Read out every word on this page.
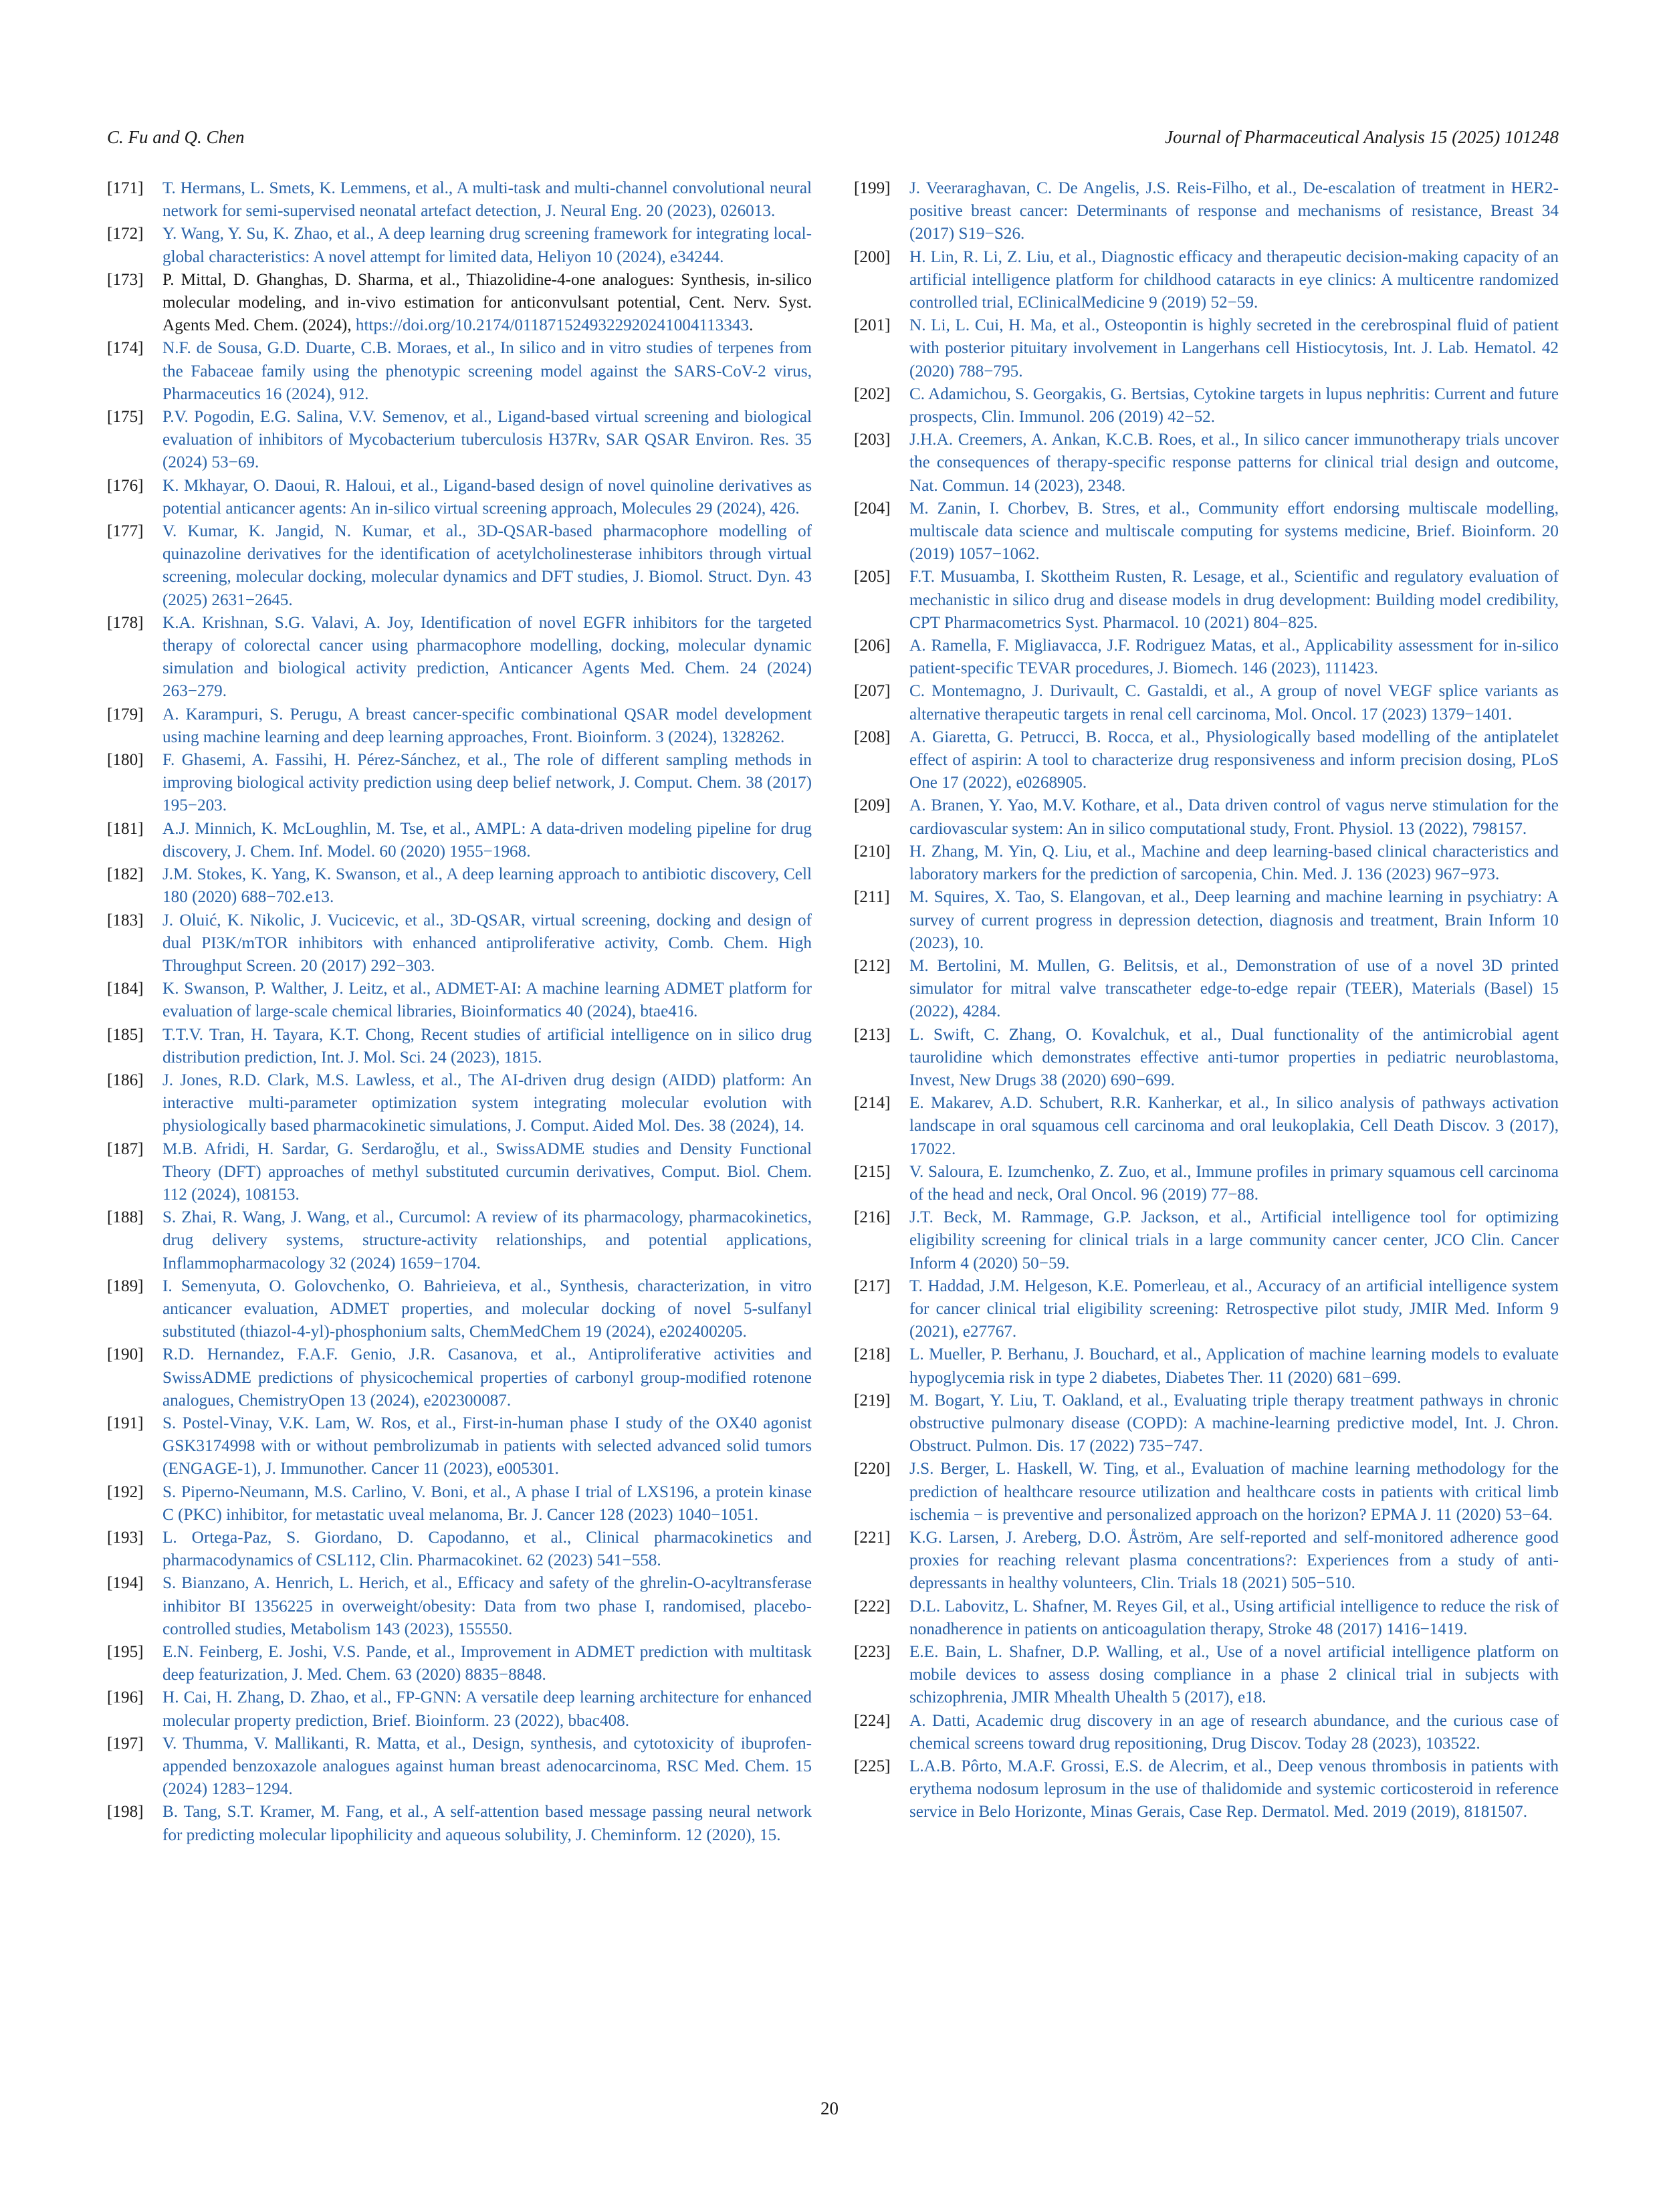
C. Fu and Q. Chen	Journal of Pharmaceutical Analysis 15 (2025) 101248
[171] T. Hermans, L. Smets, K. Lemmens, et al., A multi-task and multi-channel convolutional neural network for semi-supervised neonatal artefact detection, J. Neural Eng. 20 (2023), 026013.
[172] Y. Wang, Y. Su, K. Zhao, et al., A deep learning drug screening framework for integrating local-global characteristics: A novel attempt for limited data, Heliyon 10 (2024), e34244.
[173] P. Mittal, D. Ghanghas, D. Sharma, et al., Thiazolidine-4-one analogues: Synthesis, in-silico molecular modeling, and in-vivo estimation for anticonvulsant potential, Cent. Nerv. Syst. Agents Med. Chem. (2024), https://doi.org/10.2174/0118715249322920241004113343.
[174] N.F. de Sousa, G.D. Duarte, C.B. Moraes, et al., In silico and in vitro studies of terpenes from the Fabaceae family using the phenotypic screening model against the SARS-CoV-2 virus, Pharmaceutics 16 (2024), 912.
[175] P.V. Pogodin, E.G. Salina, V.V. Semenov, et al., Ligand-based virtual screening and biological evaluation of inhibitors of Mycobacterium tuberculosis H37Rv, SAR QSAR Environ. Res. 35 (2024) 53−69.
[176] K. Mkhayar, O. Daoui, R. Haloui, et al., Ligand-based design of novel quinoline derivatives as potential anticancer agents: An in-silico virtual screening approach, Molecules 29 (2024), 426.
[177] V. Kumar, K. Jangid, N. Kumar, et al., 3D-QSAR-based pharmacophore modelling of quinazoline derivatives for the identification of acetylcholinesterase inhibitors through virtual screening, molecular docking, molecular dynamics and DFT studies, J. Biomol. Struct. Dyn. 43 (2025) 2631−2645.
[178] K.A. Krishnan, S.G. Valavi, A. Joy, Identification of novel EGFR inhibitors for the targeted therapy of colorectal cancer using pharmacophore modelling, docking, molecular dynamic simulation and biological activity prediction, Anticancer Agents Med. Chem. 24 (2024) 263−279.
[179] A. Karampuri, S. Perugu, A breast cancer-specific combinational QSAR model development using machine learning and deep learning approaches, Front. Bioinform. 3 (2024), 1328262.
[180] F. Ghasemi, A. Fassihi, H. Pérez-Sánchez, et al., The role of different sampling methods in improving biological activity prediction using deep belief network, J. Comput. Chem. 38 (2017) 195−203.
[181] A.J. Minnich, K. McLoughlin, M. Tse, et al., AMPL: A data-driven modeling pipeline for drug discovery, J. Chem. Inf. Model. 60 (2020) 1955−1968.
[182] J.M. Stokes, K. Yang, K. Swanson, et al., A deep learning approach to antibiotic discovery, Cell 180 (2020) 688−702.e13.
[183] J. Oluić, K. Nikolic, J. Vucicevic, et al., 3D-QSAR, virtual screening, docking and design of dual PI3K/mTOR inhibitors with enhanced antiproliferative activity, Comb. Chem. High Throughput Screen. 20 (2017) 292−303.
[184] K. Swanson, P. Walther, J. Leitz, et al., ADMET-AI: A machine learning ADMET platform for evaluation of large-scale chemical libraries, Bioinformatics 40 (2024), btae416.
[185] T.T.V. Tran, H. Tayara, K.T. Chong, Recent studies of artificial intelligence on in silico drug distribution prediction, Int. J. Mol. Sci. 24 (2023), 1815.
[186] J. Jones, R.D. Clark, M.S. Lawless, et al., The AI-driven drug design (AIDD) platform: An interactive multi-parameter optimization system integrating molecular evolution with physiologically based pharmacokinetic simulations, J. Comput. Aided Mol. Des. 38 (2024), 14.
[187] M.B. Afridi, H. Sardar, G. Serdaroğlu, et al., SwissADME studies and Density Functional Theory (DFT) approaches of methyl substituted curcumin derivatives, Comput. Biol. Chem. 112 (2024), 108153.
[188] S. Zhai, R. Wang, J. Wang, et al., Curcumol: A review of its pharmacology, pharmacokinetics, drug delivery systems, structure-activity relationships, and potential applications, Inflammopharmacology 32 (2024) 1659−1704.
[189] I. Semenyuta, O. Golovchenko, O. Bahrieieva, et al., Synthesis, characterization, in vitro anticancer evaluation, ADMET properties, and molecular docking of novel 5-sulfanyl substituted (thiazol-4-yl)-phosphonium salts, ChemMedChem 19 (2024), e202400205.
[190] R.D. Hernandez, F.A.F. Genio, J.R. Casanova, et al., Antiproliferative activities and SwissADME predictions of physicochemical properties of carbonyl group-modified rotenone analogues, ChemistryOpen 13 (2024), e202300087.
[191] S. Postel-Vinay, V.K. Lam, W. Ros, et al., First-in-human phase I study of the OX40 agonist GSK3174998 with or without pembrolizumab in patients with selected advanced solid tumors (ENGAGE-1), J. Immunother. Cancer 11 (2023), e005301.
[192] S. Piperno-Neumann, M.S. Carlino, V. Boni, et al., A phase I trial of LXS196, a protein kinase C (PKC) inhibitor, for metastatic uveal melanoma, Br. J. Cancer 128 (2023) 1040−1051.
[193] L. Ortega-Paz, S. Giordano, D. Capodanno, et al., Clinical pharmacokinetics and pharmacodynamics of CSL112, Clin. Pharmacokinet. 62 (2023) 541−558.
[194] S. Bianzano, A. Henrich, L. Herich, et al., Efficacy and safety of the ghrelin-O-acyltransferase inhibitor BI 1356225 in overweight/obesity: Data from two phase I, randomised, placebo-controlled studies, Metabolism 143 (2023), 155550.
[195] E.N. Feinberg, E. Joshi, V.S. Pande, et al., Improvement in ADMET prediction with multitask deep featurization, J. Med. Chem. 63 (2020) 8835−8848.
[196] H. Cai, H. Zhang, D. Zhao, et al., FP-GNN: A versatile deep learning architecture for enhanced molecular property prediction, Brief. Bioinform. 23 (2022), bbac408.
[197] V. Thumma, V. Mallikanti, R. Matta, et al., Design, synthesis, and cytotoxicity of ibuprofen-appended benzoxazole analogues against human breast adenocarcinoma, RSC Med. Chem. 15 (2024) 1283−1294.
[198] B. Tang, S.T. Kramer, M. Fang, et al., A self-attention based message passing neural network for predicting molecular lipophilicity and aqueous solubility, J. Cheminform. 12 (2020), 15.
[199] J. Veeraraghavan, C. De Angelis, J.S. Reis-Filho, et al., De-escalation of treatment in HER2-positive breast cancer: Determinants of response and mechanisms of resistance, Breast 34 (2017) S19−S26.
[200] H. Lin, R. Li, Z. Liu, et al., Diagnostic efficacy and therapeutic decision-making capacity of an artificial intelligence platform for childhood cataracts in eye clinics: A multicentre randomized controlled trial, EClinicalMedicine 9 (2019) 52−59.
[201] N. Li, L. Cui, H. Ma, et al., Osteopontin is highly secreted in the cerebrospinal fluid of patient with posterior pituitary involvement in Langerhans cell Histiocytosis, Int. J. Lab. Hematol. 42 (2020) 788−795.
[202] C. Adamichou, S. Georgakis, G. Bertsias, Cytokine targets in lupus nephritis: Current and future prospects, Clin. Immunol. 206 (2019) 42−52.
[203] J.H.A. Creemers, A. Ankan, K.C.B. Roes, et al., In silico cancer immunotherapy trials uncover the consequences of therapy-specific response patterns for clinical trial design and outcome, Nat. Commun. 14 (2023), 2348.
[204] M. Zanin, I. Chorbev, B. Stres, et al., Community effort endorsing multiscale modelling, multiscale data science and multiscale computing for systems medicine, Brief. Bioinform. 20 (2019) 1057−1062.
[205] F.T. Musuamba, I. Skottheim Rusten, R. Lesage, et al., Scientific and regulatory evaluation of mechanistic in silico drug and disease models in drug development: Building model credibility, CPT Pharmacometrics Syst. Pharmacol. 10 (2021) 804−825.
[206] A. Ramella, F. Migliavacca, J.F. Rodriguez Matas, et al., Applicability assessment for in-silico patient-specific TEVAR procedures, J. Biomech. 146 (2023), 111423.
[207] C. Montemagno, J. Durivault, C. Gastaldi, et al., A group of novel VEGF splice variants as alternative therapeutic targets in renal cell carcinoma, Mol. Oncol. 17 (2023) 1379−1401.
[208] A. Giaretta, G. Petrucci, B. Rocca, et al., Physiologically based modelling of the antiplatelet effect of aspirin: A tool to characterize drug responsiveness and inform precision dosing, PLoS One 17 (2022), e0268905.
[209] A. Branen, Y. Yao, M.V. Kothare, et al., Data driven control of vagus nerve stimulation for the cardiovascular system: An in silico computational study, Front. Physiol. 13 (2022), 798157.
[210] H. Zhang, M. Yin, Q. Liu, et al., Machine and deep learning-based clinical characteristics and laboratory markers for the prediction of sarcopenia, Chin. Med. J. 136 (2023) 967−973.
[211] M. Squires, X. Tao, S. Elangovan, et al., Deep learning and machine learning in psychiatry: A survey of current progress in depression detection, diagnosis and treatment, Brain Inform 10 (2023), 10.
[212] M. Bertolini, M. Mullen, G. Belitsis, et al., Demonstration of use of a novel 3D printed simulator for mitral valve transcatheter edge-to-edge repair (TEER), Materials (Basel) 15 (2022), 4284.
[213] L. Swift, C. Zhang, O. Kovalchuk, et al., Dual functionality of the antimicrobial agent taurolidine which demonstrates effective anti-tumor properties in pediatric neuroblastoma, Invest, New Drugs 38 (2020) 690−699.
[214] E. Makarev, A.D. Schubert, R.R. Kanherkar, et al., In silico analysis of pathways activation landscape in oral squamous cell carcinoma and oral leukoplakia, Cell Death Discov. 3 (2017), 17022.
[215] V. Saloura, E. Izumchenko, Z. Zuo, et al., Immune profiles in primary squamous cell carcinoma of the head and neck, Oral Oncol. 96 (2019) 77−88.
[216] J.T. Beck, M. Rammage, G.P. Jackson, et al., Artificial intelligence tool for optimizing eligibility screening for clinical trials in a large community cancer center, JCO Clin. Cancer Inform 4 (2020) 50−59.
[217] T. Haddad, J.M. Helgeson, K.E. Pomerleau, et al., Accuracy of an artificial intelligence system for cancer clinical trial eligibility screening: Retrospective pilot study, JMIR Med. Inform 9 (2021), e27767.
[218] L. Mueller, P. Berhanu, J. Bouchard, et al., Application of machine learning models to evaluate hypoglycemia risk in type 2 diabetes, Diabetes Ther. 11 (2020) 681−699.
[219] M. Bogart, Y. Liu, T. Oakland, et al., Evaluating triple therapy treatment pathways in chronic obstructive pulmonary disease (COPD): A machine-learning predictive model, Int. J. Chron. Obstruct. Pulmon. Dis. 17 (2022) 735−747.
[220] J.S. Berger, L. Haskell, W. Ting, et al., Evaluation of machine learning methodology for the prediction of healthcare resource utilization and healthcare costs in patients with critical limb ischemia − is preventive and personalized approach on the horizon? EPMA J. 11 (2020) 53−64.
[221] K.G. Larsen, J. Areberg, D.O. Åström, Are self-reported and self-monitored adherence good proxies for reaching relevant plasma concentrations?: Experiences from a study of anti-depressants in healthy volunteers, Clin. Trials 18 (2021) 505−510.
[222] D.L. Labovitz, L. Shafner, M. Reyes Gil, et al., Using artificial intelligence to reduce the risk of nonadherence in patients on anticoagulation therapy, Stroke 48 (2017) 1416−1419.
[223] E.E. Bain, L. Shafner, D.P. Walling, et al., Use of a novel artificial intelligence platform on mobile devices to assess dosing compliance in a phase 2 clinical trial in subjects with schizophrenia, JMIR Mhealth Uhealth 5 (2017), e18.
[224] A. Datti, Academic drug discovery in an age of research abundance, and the curious case of chemical screens toward drug repositioning, Drug Discov. Today 28 (2023), 103522.
[225] L.A.B. Pôrto, M.A.F. Grossi, E.S. de Alecrim, et al., Deep venous thrombosis in patients with erythema nodosum leprosum in the use of thalidomide and systemic corticosteroid in reference service in Belo Horizonte, Minas Gerais, Case Rep. Dermatol. Med. 2019 (2019), 8181507.
20
